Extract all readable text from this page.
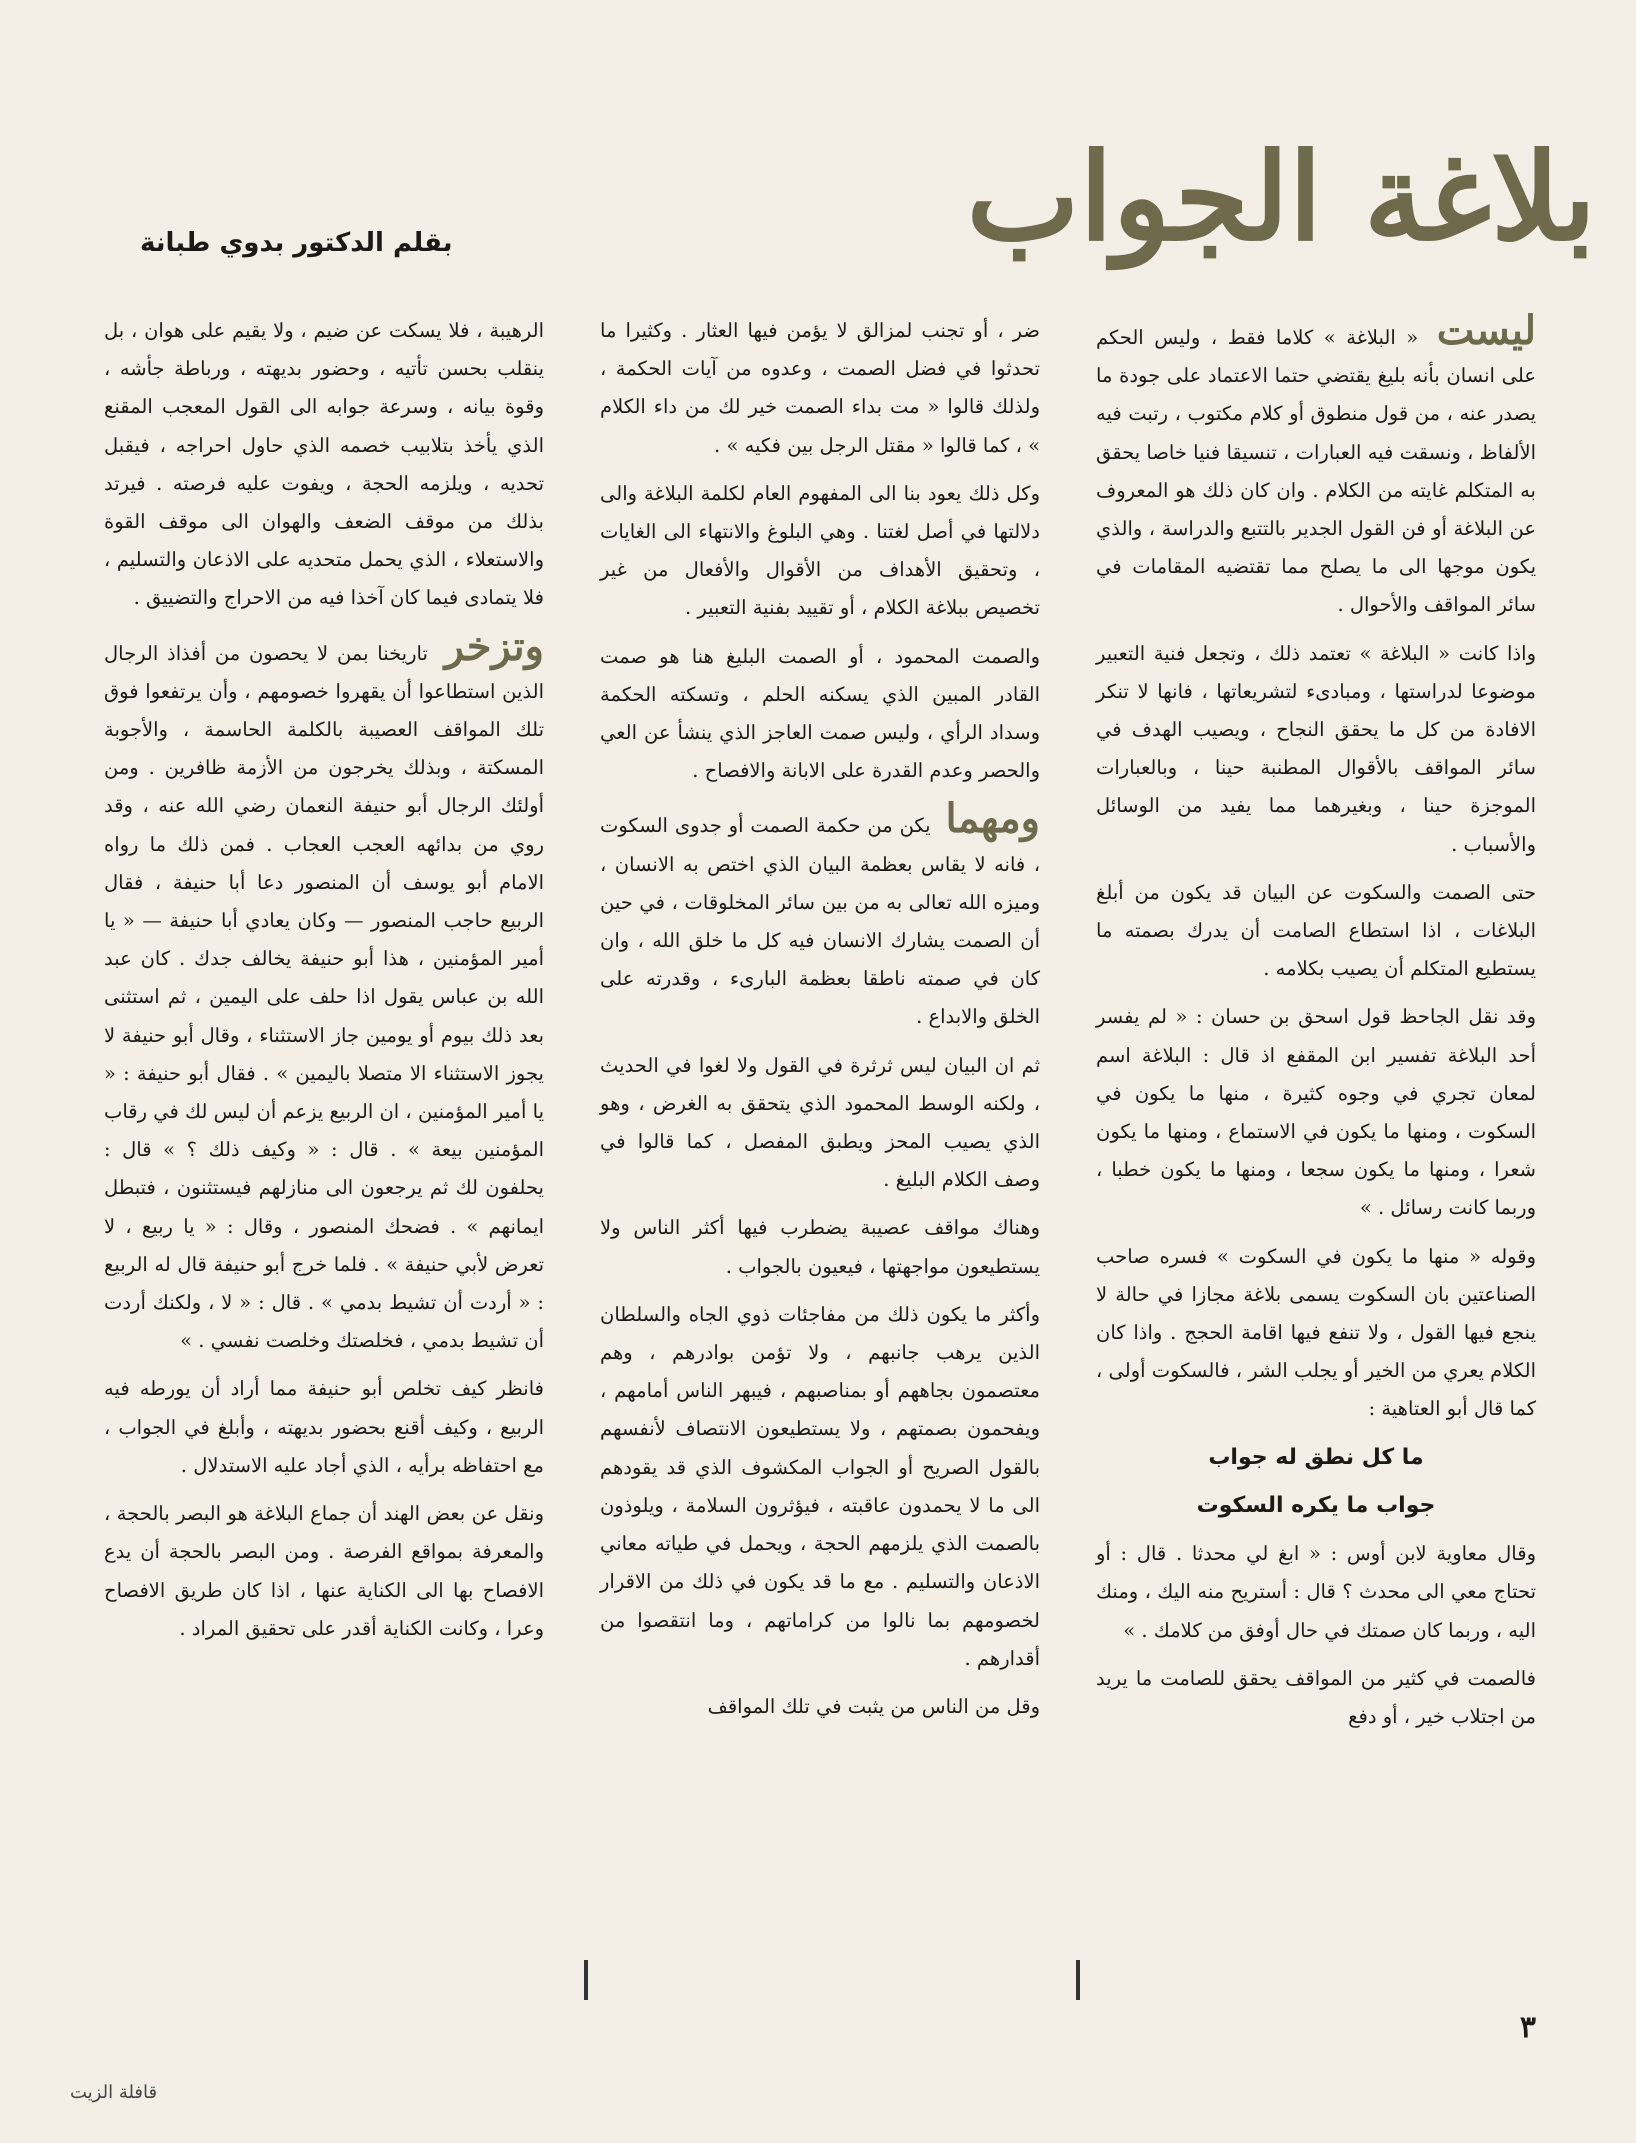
بلاغة الجواب
بقلم الدكتور بدوي طبانة

ليست « البلاغة » كلاما فقط ، وليس الحكم على انسان بأنه بليغ يقتضي حتما الاعتماد على جودة ما يصدر عنه ، من قول منطوق أو كلام مكتوب ، رتبت فيه الألفاظ ، ونسقت فيه العبارات ، تنسيقا فنيا خاصا يحقق به المتكلم غايته من الكلام . وان كان ذلك هو المعروف عن البلاغة أو فن القول الجدير بالتتبع والدراسة ، والذي يكون موجها الى ما يصلح مما تقتضيه المقامات في سائر المواقف والأحوال .

واذا كانت « البلاغة » تعتمد ذلك ، وتجعل فنية التعبير موضوعا لدراستها ، ومبادىء لتشريعاتها ، فانها لا تنكر الافادة من كل ما يحقق النجاح ، ويصيب الهدف في سائر المواقف بالأقوال المطنبة حينا ، وبالعبارات الموجزة حينا ، وبغيرهما مما يفيد من الوسائل والأسباب .

حتى الصمت والسكوت عن البيان قد يكون من أبلغ البلاغات ، اذا استطاع الصامت أن يدرك بصمته ما يستطيع المتكلم أن يصيب بكلامه .

وقد نقل الجاحظ قول اسحق بن حسان : « لم يفسر أحد البلاغة تفسير ابن المقفع اذ قال : البلاغة اسم لمعان تجري في وجوه كثيرة ، منها ما يكون في السكوت ، ومنها ما يكون في الاستماع ، ومنها ما يكون شعرا ، ومنها ما يكون سجعا ، ومنها ما يكون خطبا ، وربما كانت رسائل . »

وقوله « منها ما يكون في السكوت » فسره صاحب الصناعتين بان السكوت يسمى بلاغة مجازا في حالة لا ينجع فيها القول ، ولا تنفع فيها اقامة الحجج . واذا كان الكلام يعري من الخير أو يجلب الشر ، فالسكوت أولى ، كما قال أبو العتاهية :

ما كل نطق له جواب

جواب ما يكره السكوت

وقال معاوية لابن أوس : « ابغ لي محدثا . قال : أو تحتاج معي الى محدث ؟ قال : أستريح منه اليك ، ومنك اليه ، وربما كان صمتك في حال أوفق من كلامك . »

فالصمت في كثير من المواقف يحقق للصامت ما يريد من اجتلاب خير ، أو دفع

ضر ، أو تجنب لمزالق لا يؤمن فيها العثار . وكثيرا ما تحدثوا في فضل الصمت ، وعدوه من آيات الحكمة ، ولذلك قالوا « مت بداء الصمت خير لك من داء الكلام » ، كما قالوا « مقتل الرجل بين فكيه » .

وكل ذلك يعود بنا الى المفهوم العام لكلمة البلاغة والى دلالتها في أصل لغتنا . وهي البلوغ والانتهاء الى الغايات ، وتحقيق الأهداف من الأقوال والأفعال من غير تخصيص ببلاغة الكلام ، أو تقييد بفنية التعبير .

والصمت المحمود ، أو الصمت البليغ هنا هو صمت القادر المبين الذي يسكنه الحلم ، وتسكته الحكمة وسداد الرأي ، وليس صمت العاجز الذي ينشأ عن العي والحصر وعدم القدرة على الابانة والافصاح .

ومهما يكن من حكمة الصمت أو جدوى السكوت ، فانه لا يقاس بعظمة البيان الذي اختص به الانسان ، وميزه الله تعالى به من بين سائر المخلوقات ، في حين أن الصمت يشارك الانسان فيه كل ما خلق الله ، وان كان في صمته ناطقا بعظمة البارىء ، وقدرته على الخلق والابداع .

ثم ان البيان ليس ثرثرة في القول ولا لغوا في الحديث ، ولكنه الوسط المحمود الذي يتحقق به الغرض ، وهو الذي يصيب المحز ويطبق المفصل ، كما قالوا في وصف الكلام البليغ .

وهناك مواقف عصيبة يضطرب فيها أكثر الناس ولا يستطيعون مواجهتها ، فيعيون بالجواب .

وأكثر ما يكون ذلك من مفاجئات ذوي الجاه والسلطان الذين يرهب جانبهم ، ولا تؤمن بوادرهم ، وهم معتصمون بجاههم أو بمناصبهم ، فيبهر الناس أمامهم ، ويفحمون بصمتهم ، ولا يستطيعون الانتصاف لأنفسهم بالقول الصريح أو الجواب المكشوف الذي قد يقودهم الى ما لا يحمدون عاقبته ، فيؤثرون السلامة ، ويلوذون بالصمت الذي يلزمهم الحجة ، ويحمل في طياته معاني الاذعان والتسليم . مع ما قد يكون في ذلك من الاقرار لخصومهم بما نالوا من كراماتهم ، وما انتقصوا من أقدارهم .

وقل من الناس من يثبت في تلك المواقف

الرهيبة ، فلا يسكت عن ضيم ، ولا يقيم على هوان ، بل ينقلب بحسن تأتيه ، وحضور بديهته ، ورباطة جأشه ، وقوة بيانه ، وسرعة جوابه الى القول المعجب المقنع الذي يأخذ بتلابيب خصمه الذي حاول احراجه ، فيقبل تحديه ، ويلزمه الحجة ، ويفوت عليه فرصته . فيرتد بذلك من موقف الضعف والهوان الى موقف القوة والاستعلاء ، الذي يحمل متحديه على الاذعان والتسليم ، فلا يتمادى فيما كان آخذا فيه من الاحراج والتضييق .

وتزخر تاريخنا بمن لا يحصون من أفذاذ الرجال الذين استطاعوا أن يقهروا خصومهم ، وأن يرتفعوا فوق تلك المواقف العصيبة بالكلمة الحاسمة ، والأجوبة المسكتة ، وبذلك يخرجون من الأزمة ظافرين . ومن أولئك الرجال أبو حنيفة النعمان رضي الله عنه ، وقد روي من بدائهه العجب العجاب . فمن ذلك ما رواه الامام أبو يوسف أن المنصور دعا أبا حنيفة ، فقال الربيع حاجب المنصور — وكان يعادي أبا حنيفة — « يا أمير المؤمنين ، هذا أبو حنيفة يخالف جدك . كان عبد الله بن عباس يقول اذا حلف على اليمين ، ثم استثنى بعد ذلك بيوم أو يومين جاز الاستثناء ، وقال أبو حنيفة لا يجوز الاستثناء الا متصلا باليمين » . فقال أبو حنيفة : « يا أمير المؤمنين ، ان الربيع يزعم أن ليس لك في رقاب المؤمنين بيعة » . قال : « وكيف ذلك ؟ » قال : يحلفون لك ثم يرجعون الى منازلهم فيستثنون ، فتبطل ايمانهم » . فضحك المنصور ، وقال : « يا ربيع ، لا تعرض لأبي حنيفة » . فلما خرج أبو حنيفة قال له الربيع : « أردت أن تشيط بدمي » . قال : « لا ، ولكنك أردت أن تشيط بدمي ، فخلصتك وخلصت نفسي . »

فانظر كيف تخلص أبو حنيفة مما أراد أن يورطه فيه الربيع ، وكيف أقنع بحضور بديهته ، وأبلغ في الجواب ، مع احتفاظه برأيه ، الذي أجاد عليه الاستدلال .

ونقل عن بعض الهند أن جماع البلاغة هو البصر بالحجة ، والمعرفة بمواقع الفرصة . ومن البصر بالحجة أن يدع الافصاح بها الى الكناية عنها ، اذا كان طريق الافصاح وعرا ، وكانت الكناية أقدر على تحقيق المراد .

٣
قافلة الزيت
